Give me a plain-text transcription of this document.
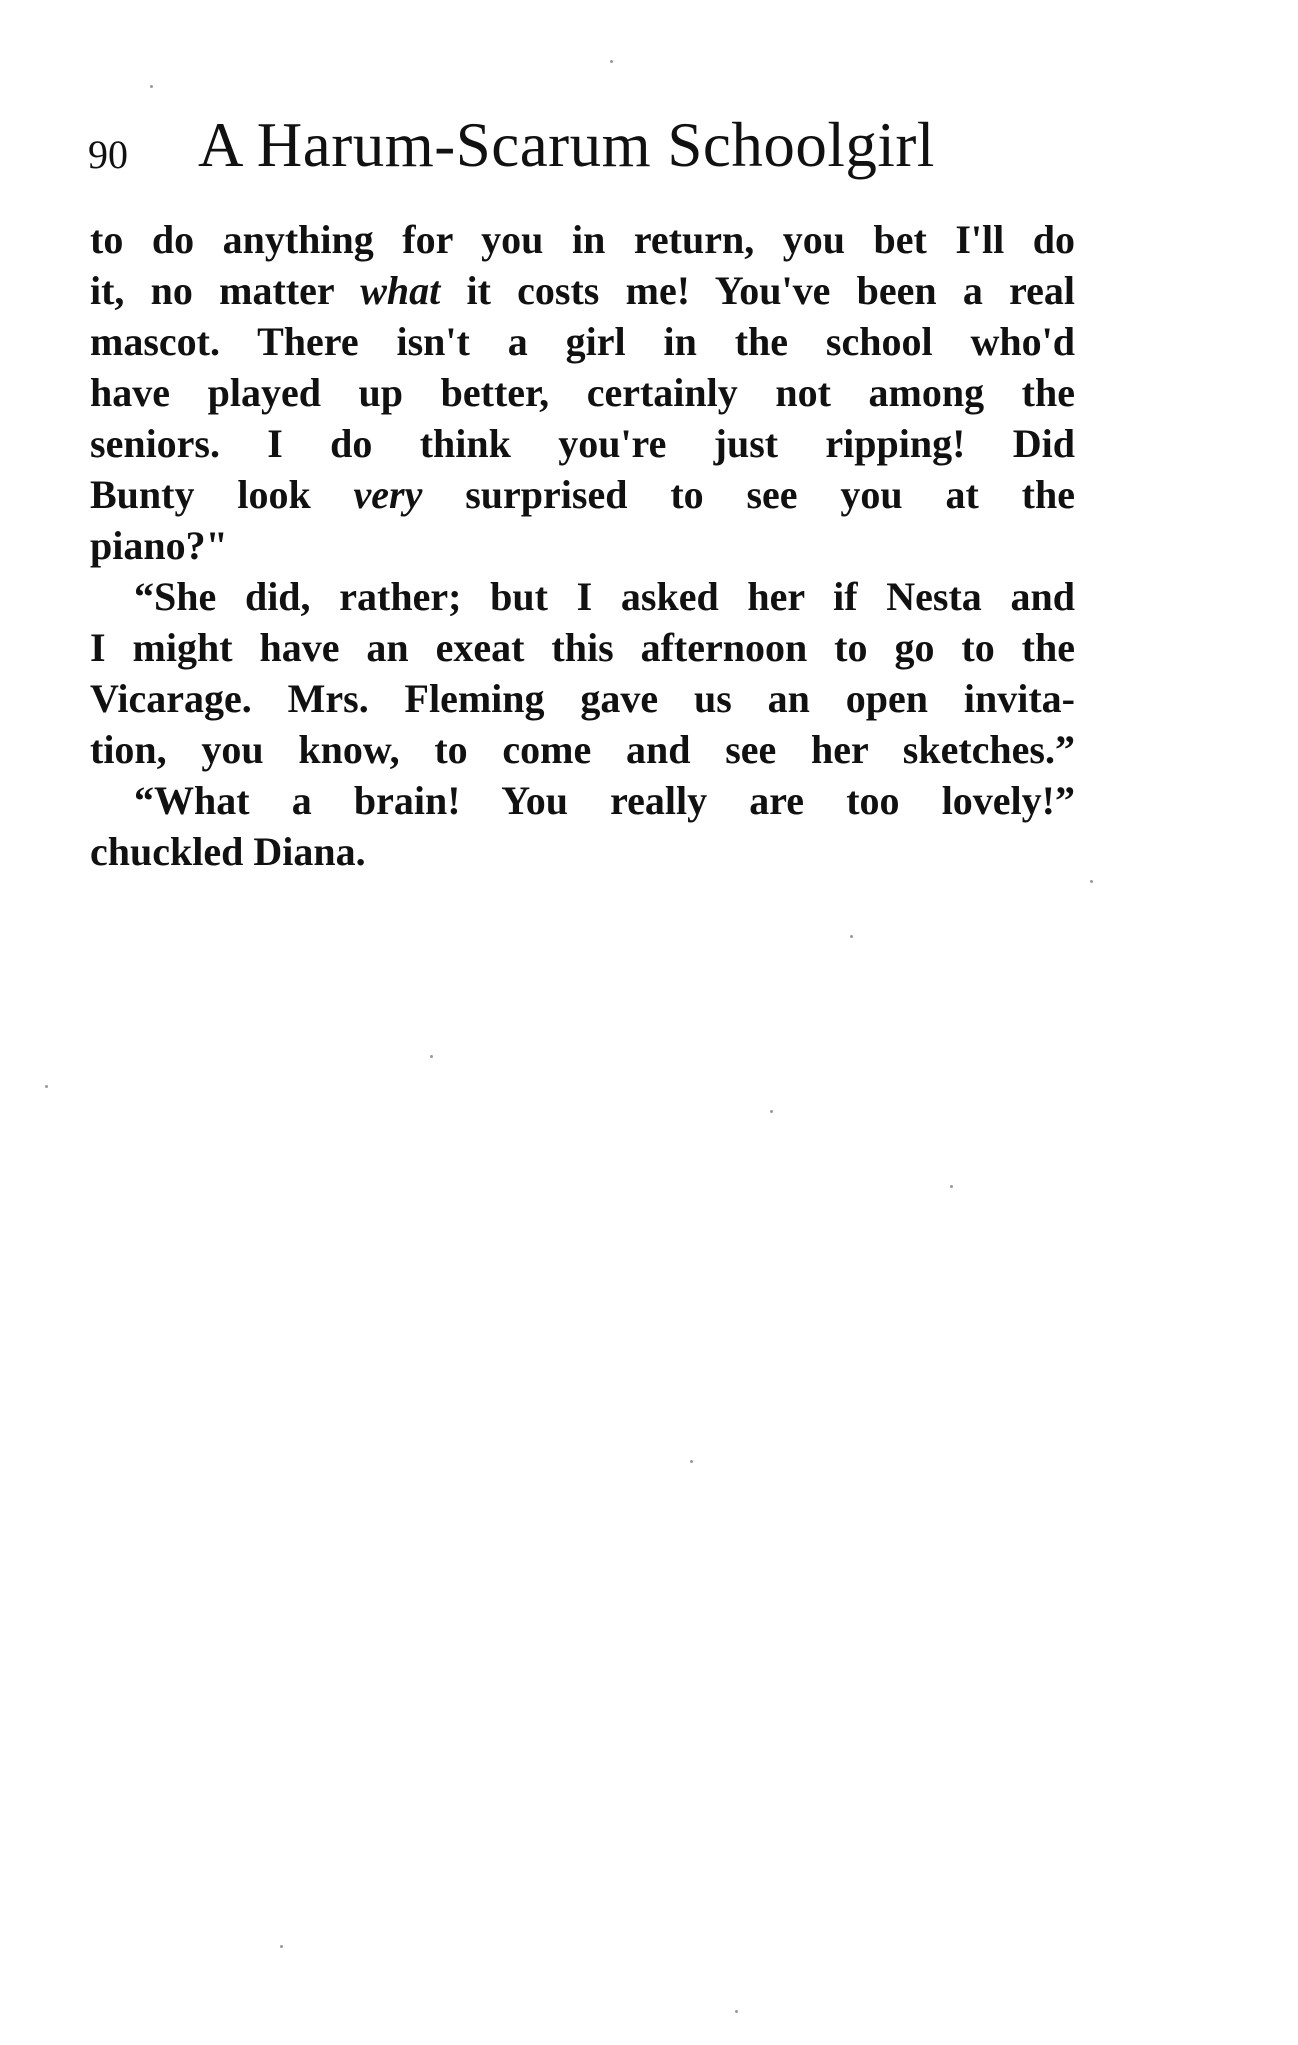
90 A Harum-Scarum Schoolgirl
to do anything for you in return, you bet I'll do
it, no matter what it costs me! You've been a real
mascot. There isn't a girl in the school who'd
have played up better, certainly not among the
seniors. I do think you're just ripping! Did
Bunty look very surprised to see you at the
piano?"
“She did, rather; but I asked her if Nesta and
I might have an exeat this afternoon to go to the
Vicarage. Mrs. Fleming gave us an open invita-
tion, you know, to come and see her sketches.”
“What a brain! You really are too lovely!”
chuckled Diana.
